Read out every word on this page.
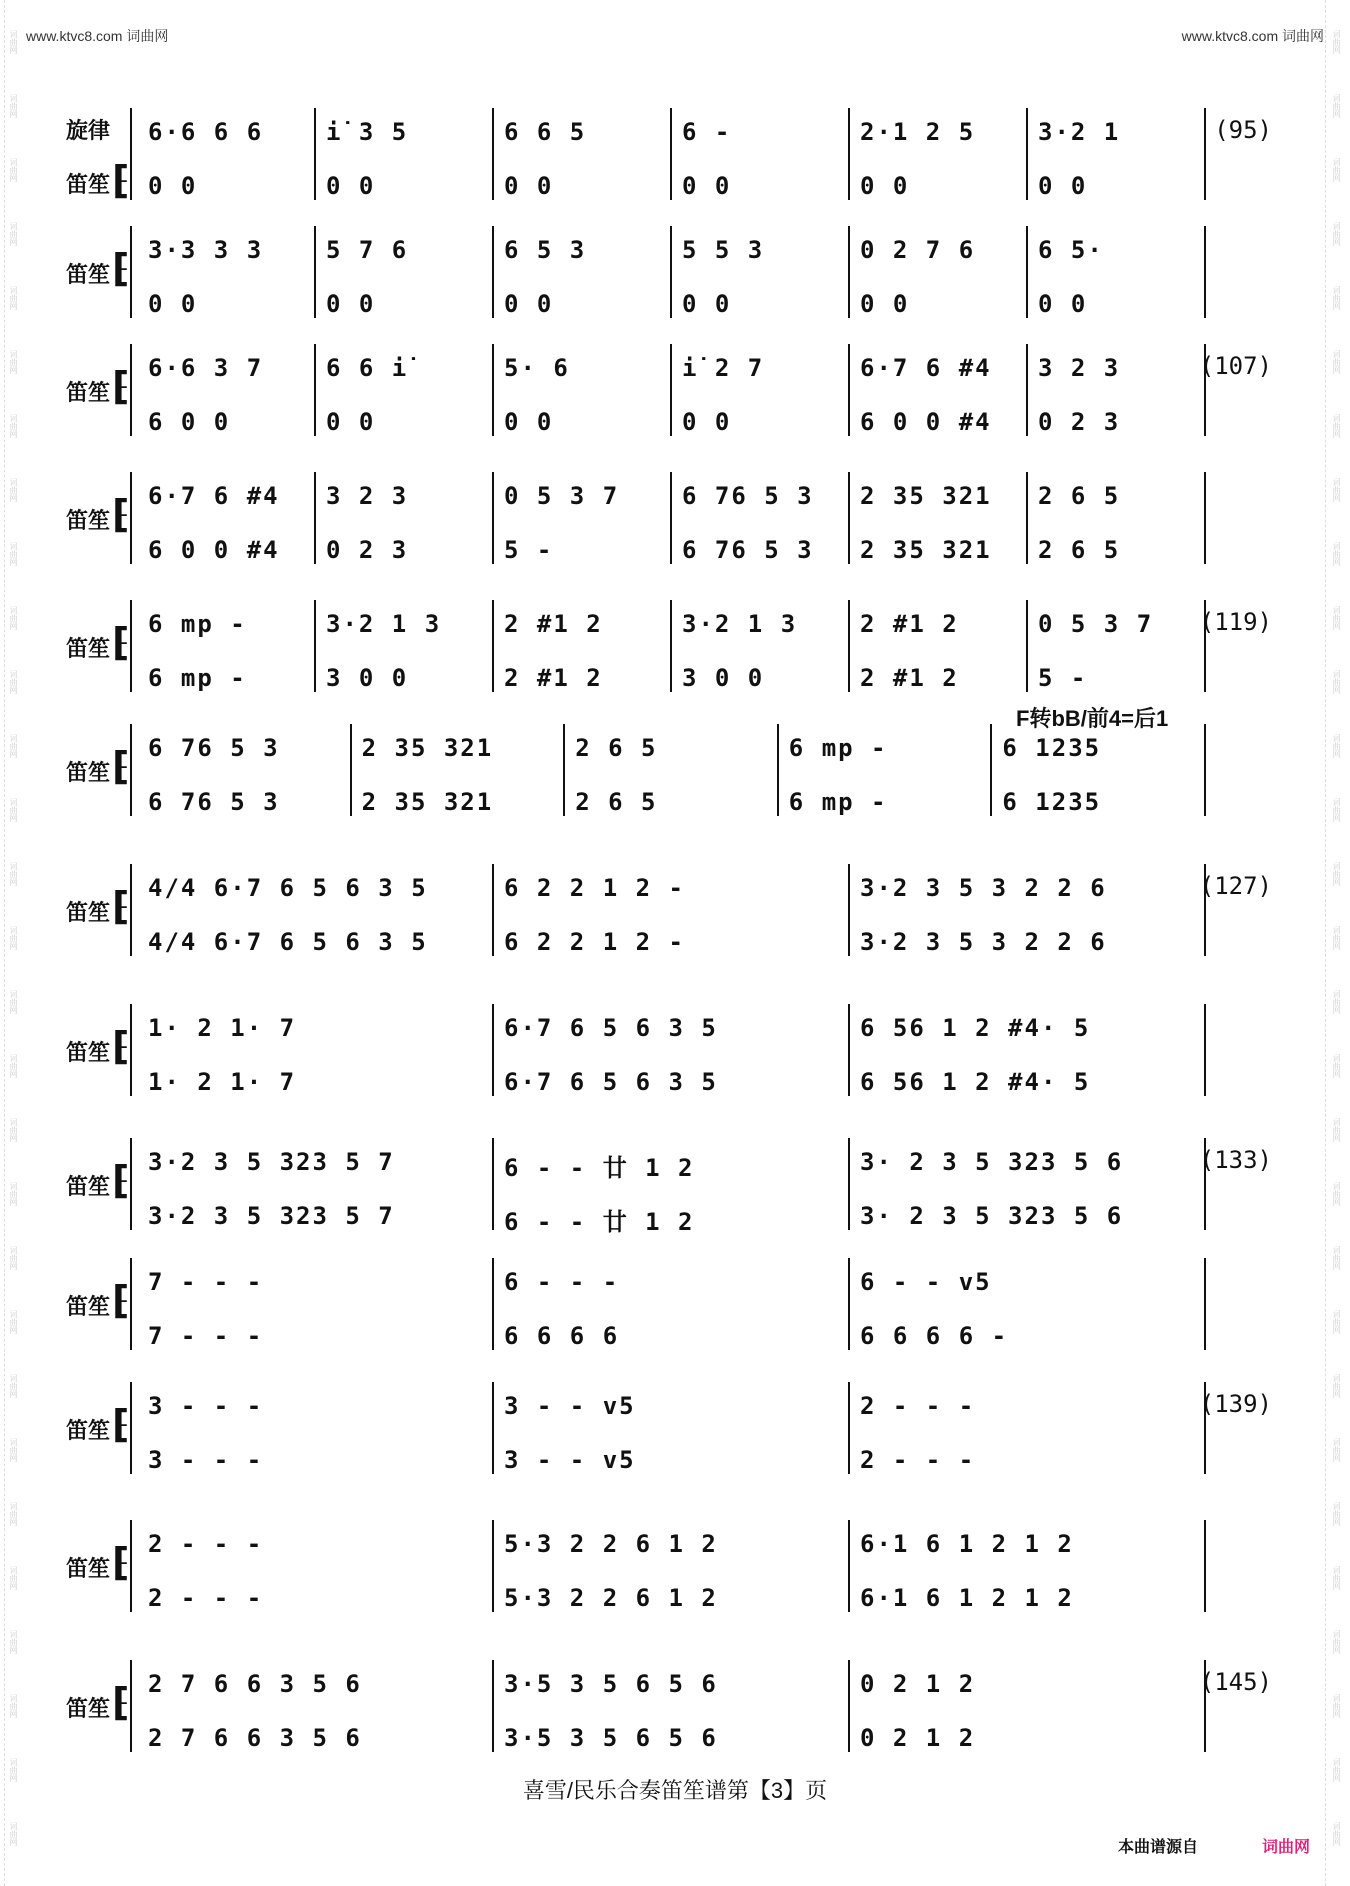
www.ktvc8.com 词曲网	www.ktvc8.com 词曲网
旋律
笛笙 ⁅
6·6 6 6
0 0
i̇ 3 5
0 0
6 6 5
0 0
6 -
0 0
2·1 2 5
0 0
3·2 1
0 0
(95)
笛笙 ⁅ 3·3 3 3
0 0
5 7 6
0 0
6 5 3
0 0
5 5 3
0 0
0 2 7 6
0 0
6 5·
0 0
笛笙 ⁅ 6·6 3 7
6 0 0
6 6 i̇
0 0
5· 6
0 0
i̇ 2 7
0 0
6·7 6 #4
6 0 0 #4
3 2 3
0 2 3
(107)
笛笙 ⁅ 6·7 6 #4
6 0 0 #4
3 2 3
0 2 3
0 5 3 7
5 -
6 76 5 3
6 76 5 3
2 35 321
2 35 321
2 6 5
2 6 5
笛笙 ⁅ 6 mp -
6 mp -
3·2 1 3
3 0 0
2 #1 2
2 #1 2
3·2 1 3
3 0 0
2 #1 2
2 #1 2
0 5 3 7
5 -
(119)
笛笙 ⁅ 6 76 5 3
6 76 5 3
2 35 321
2 35 321
2 6 5
2 6 5
6 mp -
6 mp -
6 1235
6 1235
F转bB/前4=后1
笛笙 ⁅ 4/4 6·7 6 5 6 3 5
4/4 6·7 6 5 6 3 5
6 2 2 1 2 -
6 2 2 1 2 -
3·2 3 5 3 2 2 6
3·2 3 5 3 2 2 6
(127)
笛笙 ⁅ 1· 2 1· 7
1· 2 1· 7
6·7 6 5 6 3 5
6·7 6 5 6 3 5
6 56 1 2 #4· 5
6 56 1 2 #4· 5
笛笙 ⁅ 3·2 3 5 323 5 7
3·2 3 5 323 5 7
6 - - 廿 1 2
6 - - 廿 1 2
3· 2 3 5 323 5 6
3· 2 3 5 323 5 6
(133)
笛笙 ⁅ 7 - - -
7 - - -
6 - - -
6 6 6 6
6 - - v5
6 6 6 6 -
笛笙 ⁅ 3 - - -
3 - - -
3 - - v5
3 - - v5
2 - - -
2 - - -
(139)
笛笙 ⁅ 2 - - -
2 - - -
5·3 2 2 6 1 2
5·3 2 2 6 1 2
6·1 6 1 2 1 2
6·1 6 1 2 1 2
笛笙 ⁅ 2 7 6 6 3 5 6
2 7 6 6 3 5 6
3·5 3 5 6 5 6
3·5 3 5 6 5 6
0 2 1 2
0 2 1 2
(145)
喜雪/民乐合奏笛笙谱第【3】页
本曲谱源自	词曲网
词曲网	词曲网
词曲网	词曲网
词曲网	词曲网
词曲网	词曲网
词曲网	词曲网
词曲网	词曲网
词曲网	词曲网
词曲网	词曲网
词曲网	词曲网
词曲网	词曲网
词曲网	词曲网
词曲网	词曲网
词曲网	词曲网
词曲网	词曲网
词曲网	词曲网
词曲网	词曲网
词曲网	词曲网
词曲网	词曲网
词曲网	词曲网
词曲网	词曲网
词曲网	词曲网
词曲网	词曲网
词曲网	词曲网
词曲网	词曲网
词曲网	词曲网
词曲网	词曲网
词曲网	词曲网
词曲网	词曲网
词曲网	词曲网
